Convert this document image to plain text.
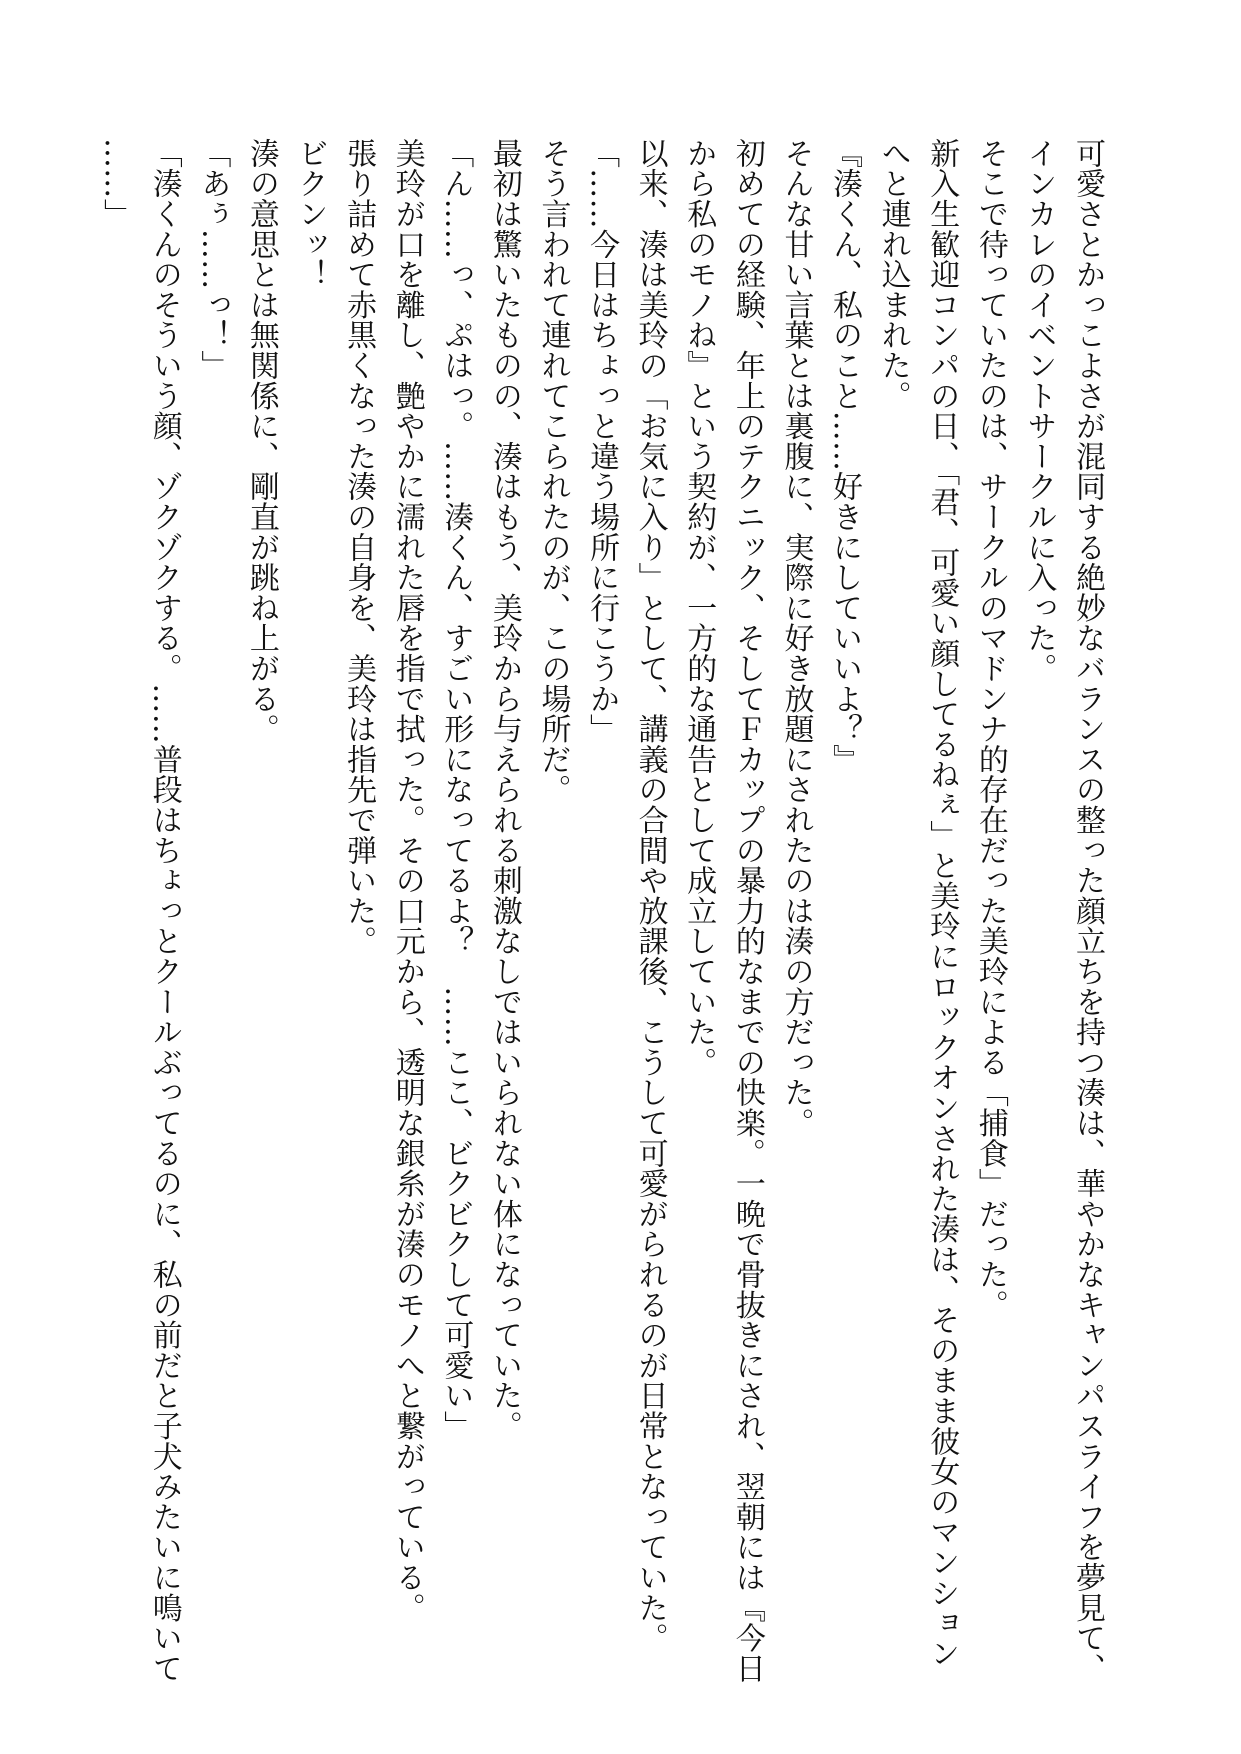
可愛さとかっこよさが混同する絶妙なバランスの整った顔立ちを持つ湊は、華やかなキャンパスライフを夢見て、
インカレのイベントサークルに入った。
そこで待っていたのは、サークルのマドンナ的存在だった美玲による「捕食」だった。
新入生歓迎コンパの日、「君、可愛い顔してるねぇ」と美玲にロックオンされた湊は、そのまま彼女のマンション
へと連れ込まれた。
『湊くん、私のこと……好きにしていいよ？』
そんな甘い言葉とは裏腹に、実際に好き放題にされたのは湊の方だった。
初めての経験、年上のテクニック、そしてＦカップの暴力的なまでの快楽。一晩で骨抜きにされ、翌朝には『今日
から私のモノね』という契約が、一方的な通告として成立していた。
以来、湊は美玲の「お気に入り」として、講義の合間や放課後、こうして可愛がられるのが日常となっていた。
「……今日はちょっと違う場所に行こうか」
そう言われて連れてこられたのが、この場所だ。
最初は驚いたものの、湊はもう、美玲から与えられる刺激なしではいられない体になっていた。
「ん……っ、ぷはっ。……湊くん、すごい形になってるよ？　……ここ、ビクビクして可愛い」
美玲が口を離し、艶やかに濡れた唇を指で拭った。その口元から、透明な銀糸が湊のモノへと繋がっている。
張り詰めて赤黒くなった湊の自身を、美玲は指先で弾いた。
ビクンッ！
湊の意思とは無関係に、剛直が跳ね上がる。
「あぅ……っ！」
「湊くんのそういう顔、ゾクゾクする。……普段はちょっとクールぶってるのに、私の前だと子犬みたいに鳴いて
……」
